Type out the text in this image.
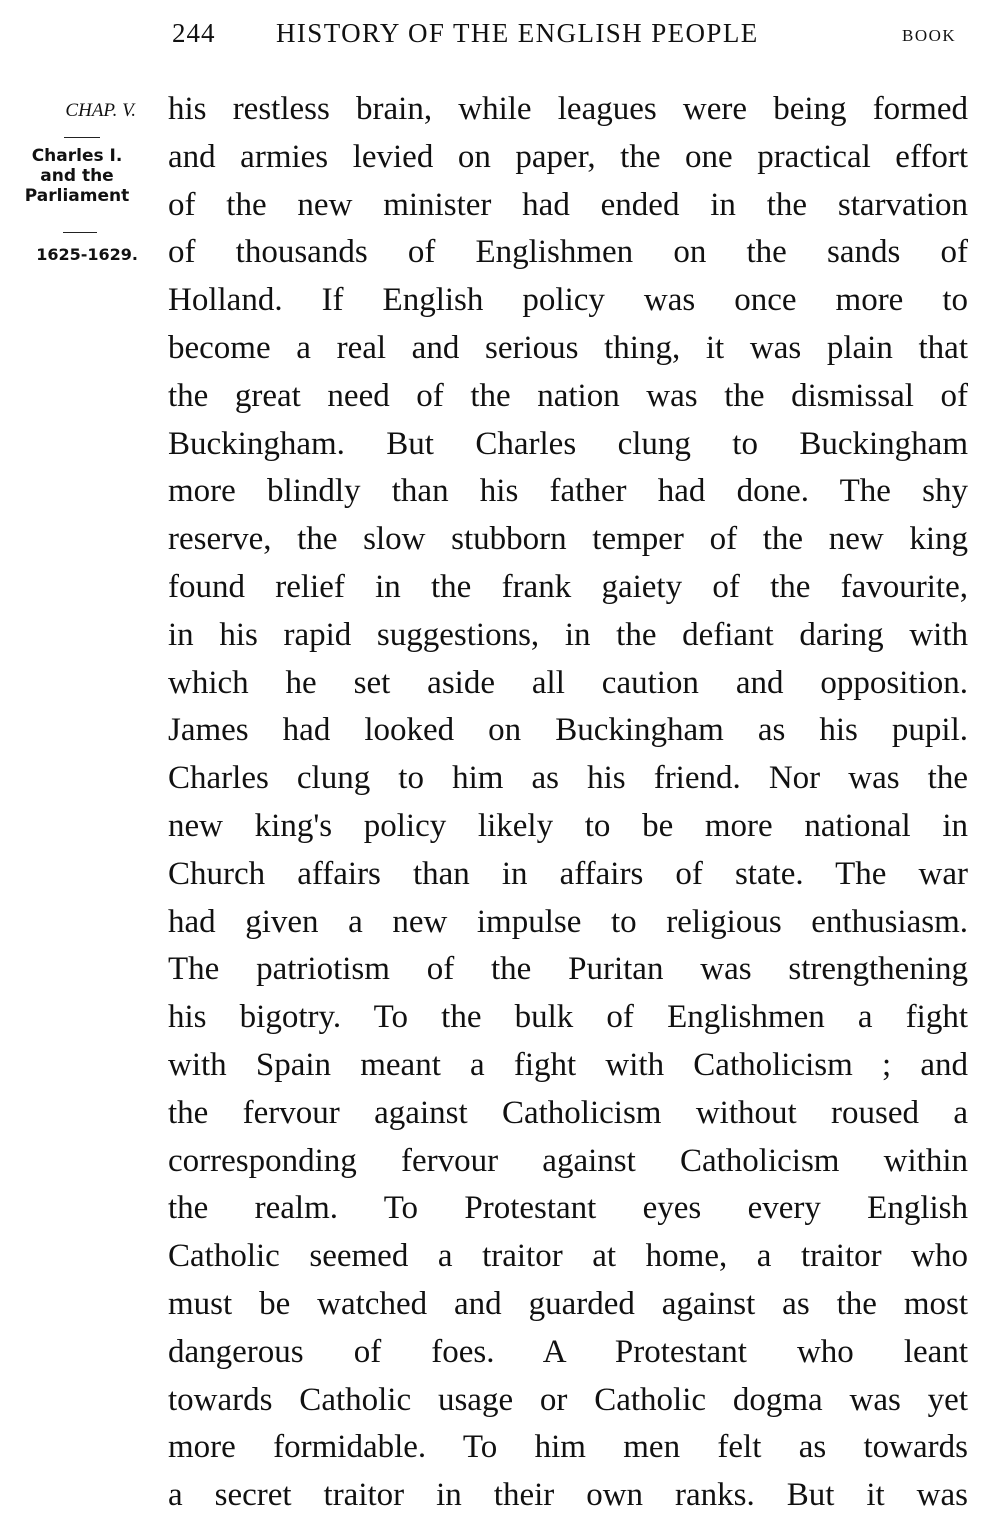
244 HISTORY OF THE ENGLISH PEOPLE	BOOK
CHAP. V.
Charles I.
and the
Parliament
1625-1629.
his restless brain, while leagues were being formed
and armies levied on paper, the one practical effort
of the new minister had ended in the starvation
of thousands of Englishmen on the sands of
Holland. If English policy was once more to
become a real and serious thing, it was plain that
the great need of the nation was the dismissal of
Buckingham. But Charles clung to Buckingham
more blindly than his father had done. The shy
reserve, the slow stubborn temper of the new king
found relief in the frank gaiety of the favourite,
in his rapid suggestions, in the defiant daring with
which he set aside all caution and opposition.
James had looked on Buckingham as his pupil.
Charles clung to him as his friend. Nor was the
new king's policy likely to be more national in
Church affairs than in affairs of state. The war
had given a new impulse to religious enthusiasm.
The patriotism of the Puritan was strengthening
his bigotry. To the bulk of Englishmen a fight
with Spain meant a fight with Catholicism ; and
the fervour against Catholicism without roused a
corresponding fervour against Catholicism within
the realm. To Protestant eyes every English
Catholic seemed a traitor at home, a traitor who
must be watched and guarded against as the most
dangerous of foes. A Protestant who leant
towards Catholic usage or Catholic dogma was yet
more formidable. To him men felt as towards
a secret traitor in their own ranks. But it was
